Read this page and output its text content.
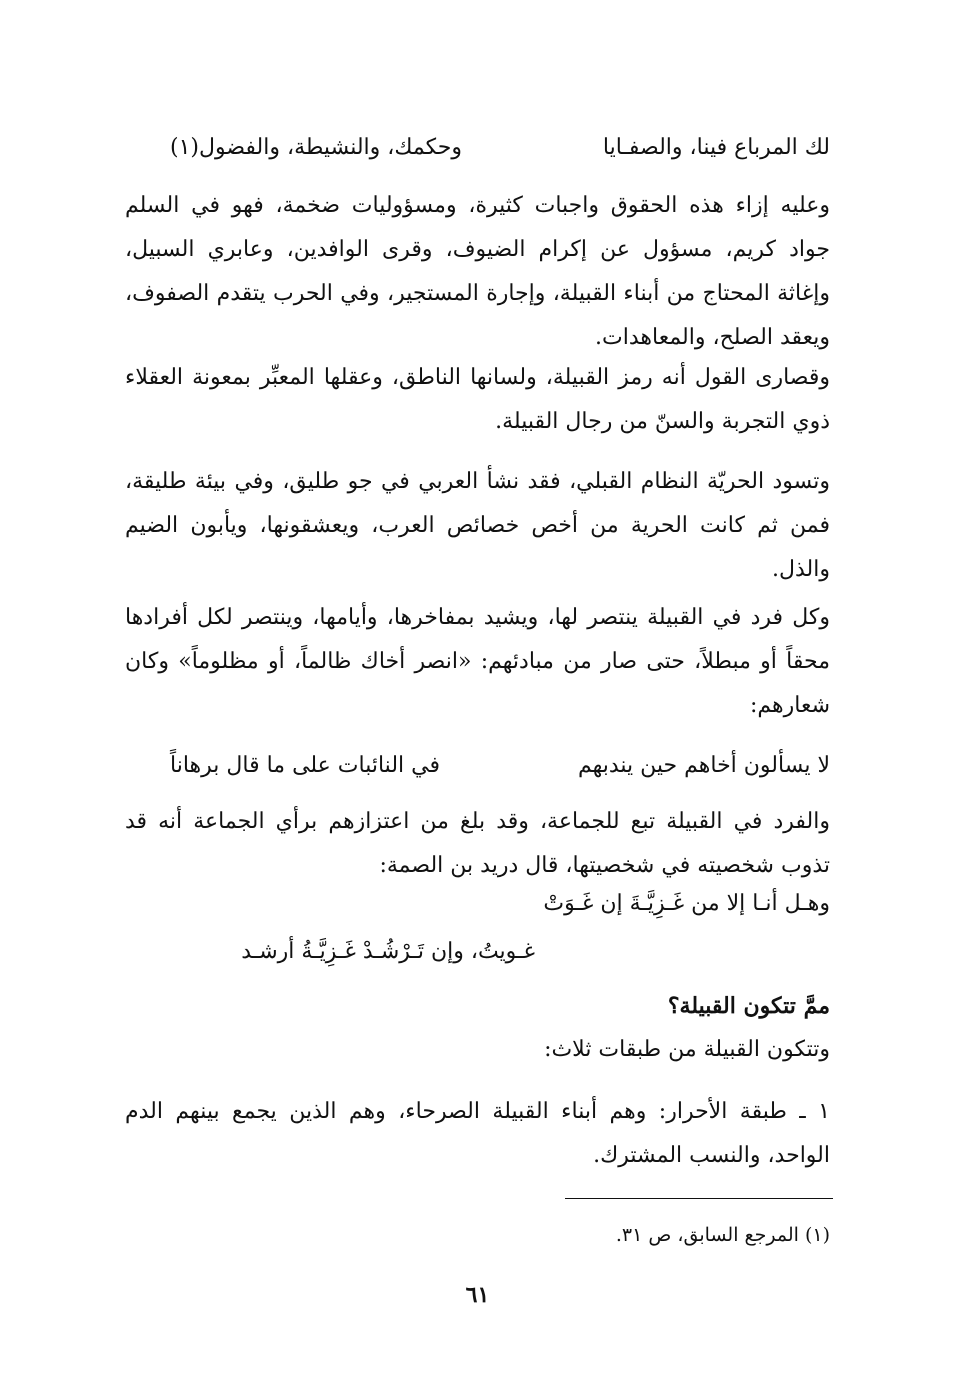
لك المرباع فينا، والصفـايا
وحكمك، والنشيطة، والفضول(١)
وعليه إزاء هذه الحقوق واجبات كثيرة، ومسؤوليات ضخمة، فهو في السلم جواد كريم، مسؤول عن إكرام الضيوف، وقرى الوافدين، وعابري السبيل، وإغاثة المحتاج من أبناء القبيلة، وإجارة المستجير، وفي الحرب يتقدم الصفوف، ويعقد الصلح، والمعاهدات.
وقصارى القول أنه رمز القبيلة، ولسانها الناطق، وعقلها المعبِّر بمعونة العقلاء ذوي التجربة والسنّ من رجال القبيلة.
وتسود الحريّة النظام القبلي، فقد نشأ العربي في جو طليق، وفي بيئة طليقة، فمن ثم كانت الحرية من أخص خصائص العرب، ويعشقونها، ويأبون الضيم والذل.
وكل فرد في القبيلة ينتصر لها، ويشيد بمفاخرها، وأيامها، وينتصر لكل أفرادها محقاً أو مبطلاً، حتى صار من مبادئهم: «انصر أخاك ظالماً، أو مظلوماً» وكان شعارهم:
لا يسألون أخاهم حين يندبهم
في النائبات على ما قال برهاناً
والفرد في القبيلة تبع للجماعة، وقد بلغ من اعتزازهم برأي الجماعة أنه قد تذوب شخصيته في شخصيتها، قال دريد بن الصمة:
وهـل أنـا إلا من غَـزِيَّـةَ إن غَـوَتْ
غـويتُ، وإن تَـرْشُـدْ غَـزِيَّـةُ أرشـد
ممَّ تتكون القبيلة؟
وتتكون القبيلة من طبقات ثلاث:
١ ـ طبقة الأحرار: وهم أبناء القبيلة الصرحاء، وهم الذين يجمع بينهم الدم الواحد، والنسب المشترك.
(١) المرجع السابق، ص ٣١.
٦١
